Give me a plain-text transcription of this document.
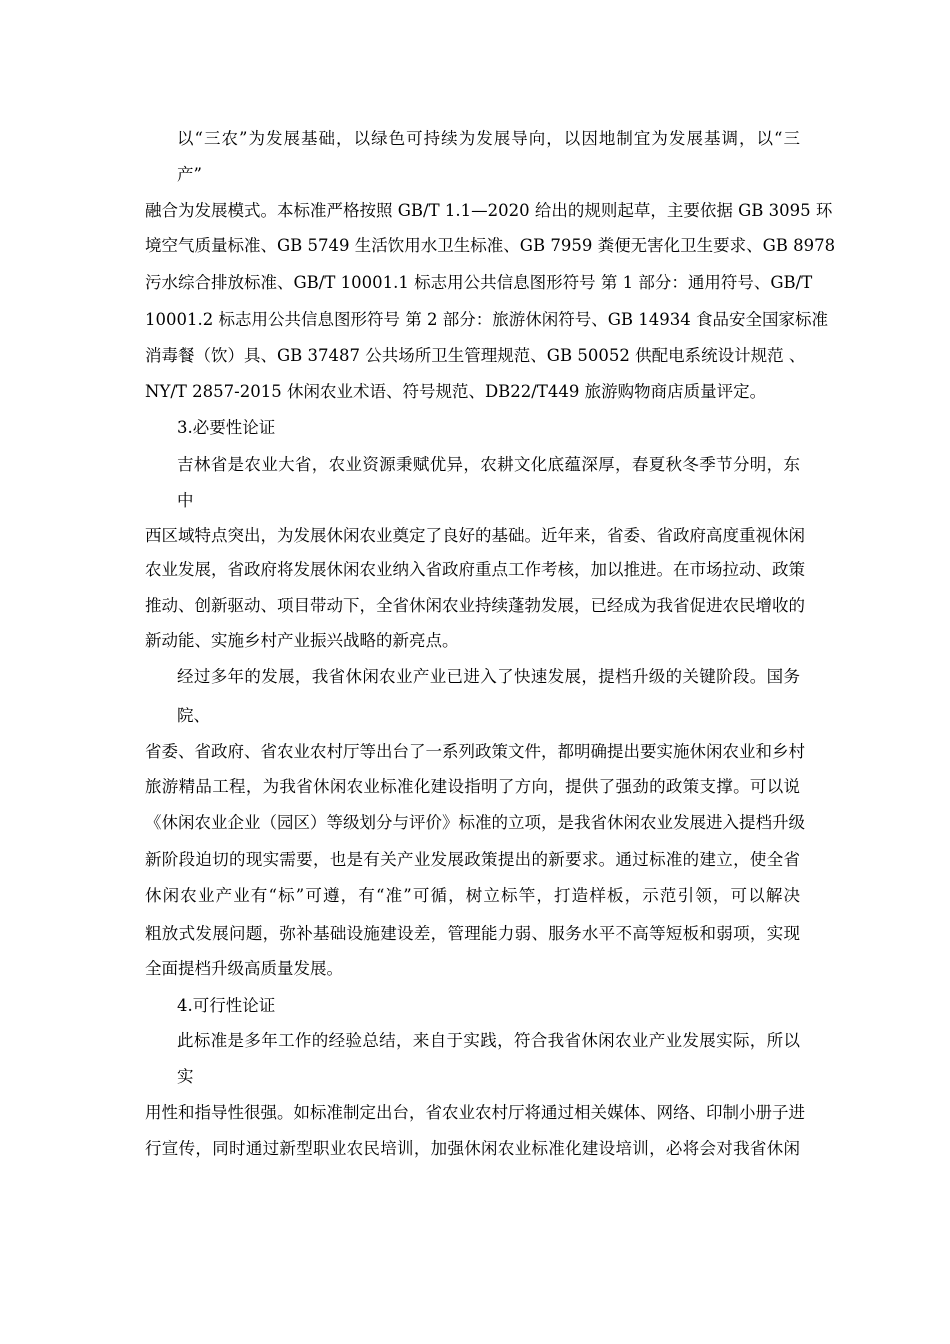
以“三农”为发展基础，以绿色可持续为发展导向，以因地制宜为发展基调，以“三
产”
融合为发展模式。本标准严格按照 GB/T 1.1—2020 给出的规则起草，主要依据 GB 3095 环
境空气质量标准、GB 5749 生活饮用水卫生标准、GB 7959 粪便无害化卫生要求、GB 8978
污水综合排放标准、GB/T 10001.1 标志用公共信息图形符号 第 1 部分：通用符号、GB/T
10001.2 标志用公共信息图形符号 第 2 部分：旅游休闲符号、GB 14934 食品安全国家标准
消毒餐（饮）具、GB 37487 公共场所卫生管理规范、GB 50052 供配电系统设计规范 、
NY/T 2857-2015 休闲农业术语、符号规范、DB22/T449 旅游购物商店质量评定。
3.必要性论证
吉林省是农业大省，农业资源秉赋优异，农耕文化底蕴深厚，春夏秋冬季节分明，东
中
西区域特点突出，为发展休闲农业奠定了良好的基础。近年来，省委、省政府高度重视休闲
农业发展，省政府将发展休闲农业纳入省政府重点工作考核，加以推进。在市场拉动、政策
推动、创新驱动、项目带动下，全省休闲农业持续蓬勃发展，已经成为我省促进农民增收的
新动能、实施乡村产业振兴战略的新亮点。
经过多年的发展，我省休闲农业产业已进入了快速发展，提档升级的关键阶段。国务
院、
省委、省政府、省农业农村厅等出台了一系列政策文件，都明确提出要实施休闲农业和乡村
旅游精品工程，为我省休闲农业标准化建设指明了方向，提供了强劲的政策支撑。可以说
《休闲农业企业（园区）等级划分与评价》标准的立项，是我省休闲农业发展进入提档升级
新阶段迫切的现实需要，也是有关产业发展政策提出的新要求。通过标准的建立，使全省
休闲农业产业有“标”可遵，有“准”可循，树立标竿，打造样板，示范引领，可以解决
粗放式发展问题，弥补基础设施建设差，管理能力弱、服务水平不高等短板和弱项，实现
全面提档升级高质量发展。
4.可行性论证
此标准是多年工作的经验总结，来自于实践，符合我省休闲农业产业发展实际，所以
实
用性和指导性很强。如标准制定出台，省农业农村厅将通过相关媒体、网络、印制小册子进
行宣传，同时通过新型职业农民培训，加强休闲农业标准化建设培训，必将会对我省休闲
